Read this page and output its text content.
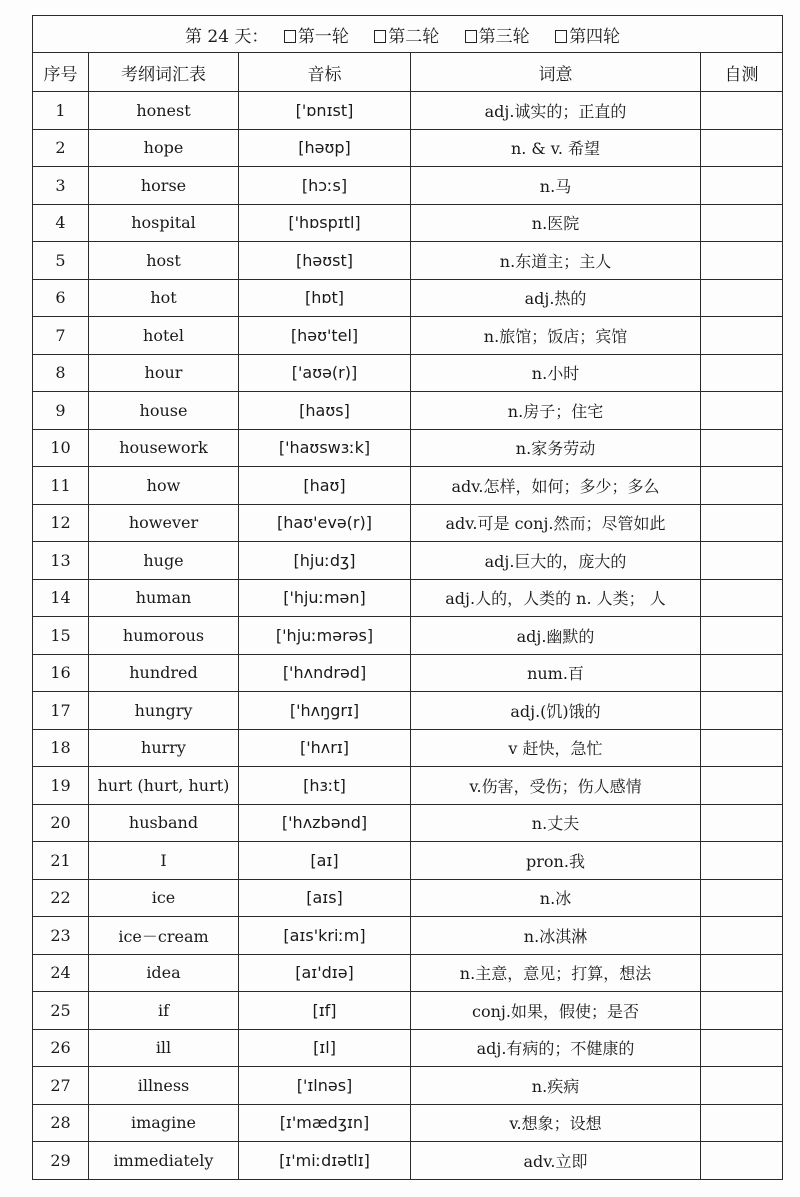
第 24 天： 第一轮 第二轮 第三轮 第四轮				
序号	考纲词汇表	音标	词意	自测
1	honest	['ɒnɪst]	adj.诚实的；正直的	
2	hope	[həʊp]	n. & v. 希望	
3	horse	[hɔːs]	n.马	
4	hospital	['hɒspɪtl]	n.医院	
5	host	[həʊst]	n.东道主；主人	
6	hot	[hɒt]	adj.热的	
7	hotel	[həʊ'tel]	n.旅馆；饭店；宾馆	
8	hour	['aʊə(r)]	n.小时	
9	house	[haʊs]	n.房子；住宅	
10	housework	['haʊswɜːk]	n.家务劳动	
11	how	[haʊ]	adv.怎样，如何；多少；多么	
12	however	[haʊ'evə(r)]	adv.可是 conj.然而；尽管如此	
13	huge	[hjuːdʒ]	adj.巨大的，庞大的	
14	human	['hjuːmən]	adj.人的，人类的 n. 人类； 人	
15	humorous	['hjuːmərəs]	adj.幽默的	
16	hundred	['hʌndrəd]	num.百	
17	hungry	['hʌŋgrɪ]	adj.(饥)饿的	
18	hurry	['hʌrɪ]	v 赶快，急忙	
19	hurt (hurt, hurt)	[hɜːt]	v.伤害，受伤；伤人感情	
20	husband	['hʌzbənd]	n.丈夫	
21	I	[aɪ]	pron.我	
22	ice	[aɪs]	n.冰	
23	ice－cream	[aɪs'kriːm]	n.冰淇淋	
24	idea	[aɪ'dɪə]	n.主意，意见；打算，想法	
25	if	[ɪf]	conj.如果，假使；是否	
26	ill	[ɪl]	adj.有病的；不健康的	
27	illness	['ɪlnəs]	n.疾病	
28	imagine	[ɪ'mædʒɪn]	v.想象；设想	
29	immediately	[ɪ'miːdɪətlɪ]	adv.立即	
